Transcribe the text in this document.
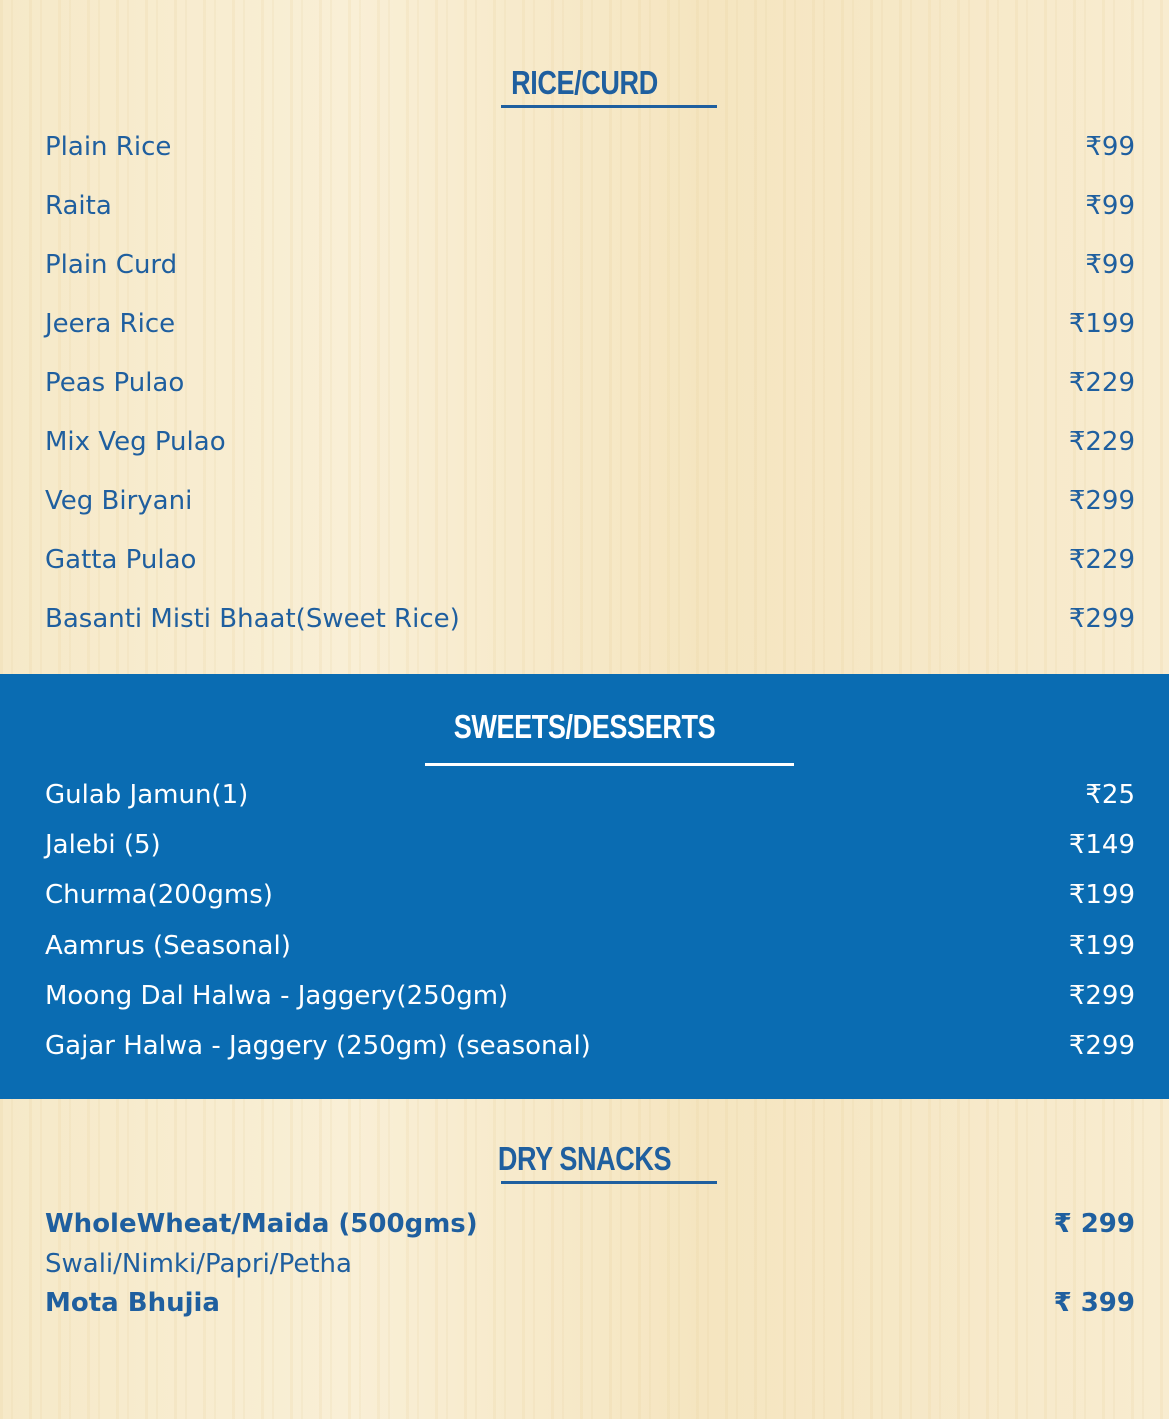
RICE/CURD
Plain Rice	₹99
Raita	₹99
Plain Curd	₹99
Jeera Rice	₹199
Peas Pulao	₹229
Mix Veg Pulao	₹229
Veg Biryani	₹299
Gatta Pulao	₹229
Basanti Misti Bhaat(Sweet Rice)	₹299
SWEETS/DESSERTS
Gulab Jamun(1)	₹25
Jalebi (5)	₹149
Churma(200gms)	₹199
Aamrus (Seasonal)	₹199
Moong Dal Halwa - Jaggery(250gm)	₹299
Gajar Halwa - Jaggery (250gm) (seasonal)	₹299
DRY SNACKS
WholeWheat/Maida (500gms)	₹ 299
Swali/Nimki/Papri/Petha
Mota Bhujia	₹ 399
